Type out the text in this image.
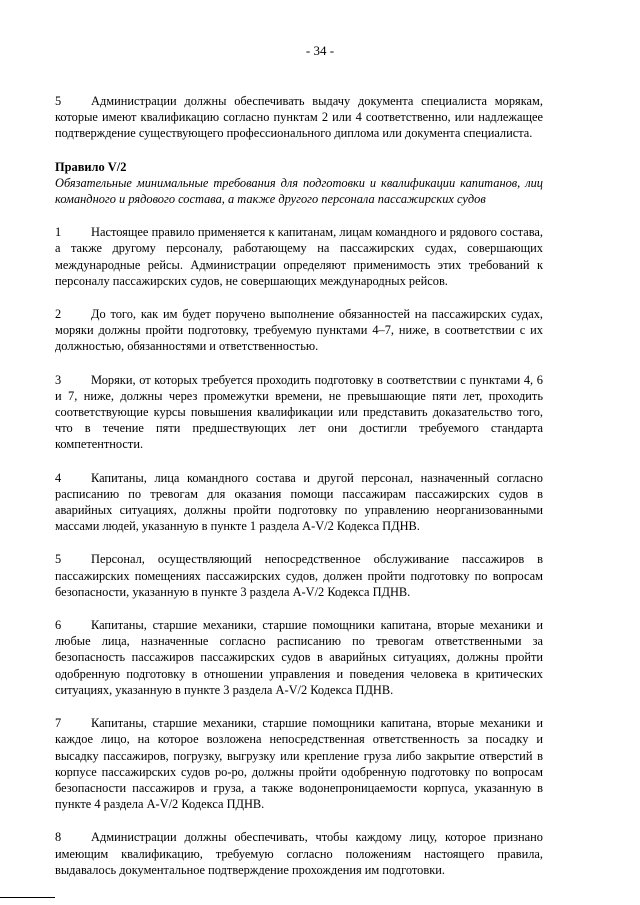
- 34 -

5 Администрации должны обеспечивать выдачу документа специалиста морякам, которые имеют квалификацию согласно пунктам 2 или 4 соответственно, или надлежащее подтверждение существующего профессионального диплома или документа специалиста.

Правило V/2

Обязательные минимальные требования для подготовки и квалификации капитанов, лиц командного и рядового состава, а также другого персонала пассажирских судов

1 Настоящее правило применяется к капитанам, лицам командного и рядового состава, а также другому персоналу, работающему на пассажирских судах, совершающих международные рейсы. Администрации определяют применимость этих требований к персоналу пассажирских судов, не совершающих международных рейсов.

2 До того, как им будет поручено выполнение обязанностей на пассажирских судах, моряки должны пройти подготовку, требуемую пунктами 4–7, ниже, в соответствии с их должностью, обязанностями и ответственностью.

3 Моряки, от которых требуется проходить подготовку в соответствии с пунктами 4, 6 и 7, ниже, должны через промежутки времени, не превышающие пяти лет, проходить соответствующие курсы повышения квалификации или представить доказательство того, что в течение пяти предшествующих лет они достигли требуемого стандарта компетентности.

4 Капитаны, лица командного состава и другой персонал, назначенный согласно расписанию по тревогам для оказания помощи пассажирам пассажирских судов в аварийных ситуациях, должны пройти подготовку по управлению неорганизованными массами людей, указанную в пункте 1 раздела A-V/2 Кодекса ПДНВ.

5 Персонал, осуществляющий непосредственное обслуживание пассажиров в пассажирских помещениях пассажирских судов, должен пройти подготовку по вопросам безопасности, указанную в пункте 3 раздела A-V/2 Кодекса ПДНВ.

6 Капитаны, старшие механики, старшие помощники капитана, вторые механики и любые лица, назначенные согласно расписанию по тревогам ответственными за безопасность пассажиров пассажирских судов в аварийных ситуациях, должны пройти одобренную подготовку в отношении управления и поведения человека в критических ситуациях, указанную в пункте 3 раздела A-V/2 Кодекса ПДНВ.

7 Капитаны, старшие механики, старшие помощники капитана, вторые механики и каждое лицо, на которое возложена непосредственная ответственность за посадку и высадку пассажиров, погрузку, выгрузку или крепление груза либо закрытие отверстий в корпусе пассажирских судов ро-ро, должны пройти одобренную подготовку по вопросам безопасности пассажиров и груза, а также водонепроницаемости корпуса, указанную в пункте 4 раздела A-V/2 Кодекса ПДНВ.

8 Администрации должны обеспечивать, чтобы каждому лицу, которое признано имеющим квалификацию, требуемую согласно положениям настоящего правила, выдавалось документальное подтверждение прохождения им подготовки.
